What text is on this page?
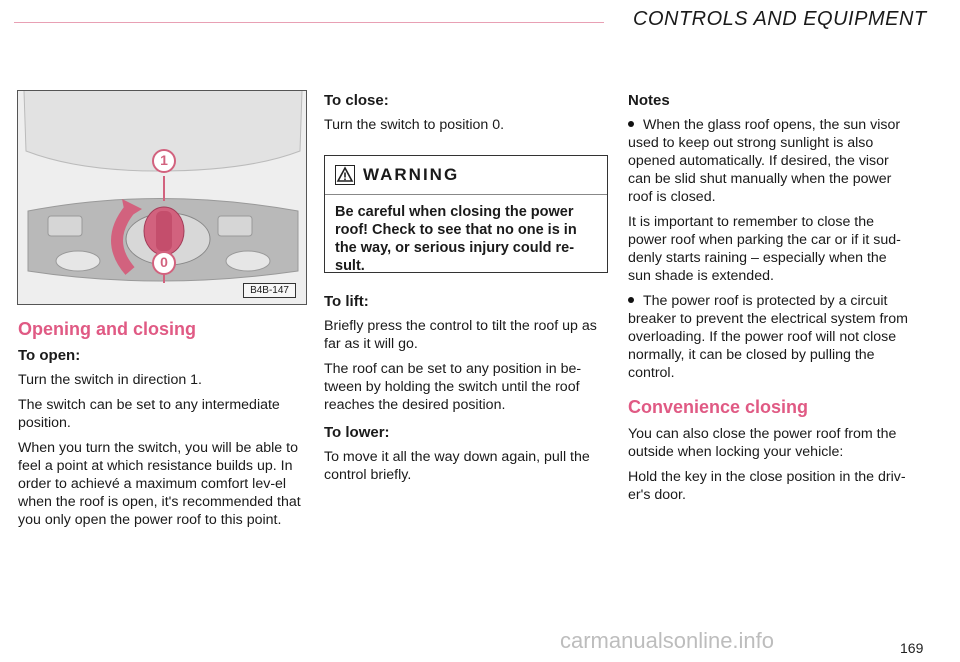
CONTROLS AND EQUIPMENT
1
0
B4B-147
Opening and closing
To open:

Turn the switch in direction 1.

The switch can be set to any intermediate position.

When you turn the switch, you will be able to feel a point at which resistance builds up. In order to achievé a maximum comfort lev-el when the roof is open, it's recommended that you only open the power roof to this point.

To close:

Turn the switch to position 0.

WARNING
Be careful when closing the power roof! Check to see that no one is in the way, or serious injury could re-sult.
To lift:

Briefly press the control to tilt the roof up as far as it will go.

The roof can be set to any position in be-tween by holding the switch until the roof reaches the desired position.

To lower:

To move it all the way down again, pull the control briefly.

Notes

When the glass roof opens, the sun visor used to keep out strong sunlight is also opened automatically. If desired, the visor can be slid shut manually when the power roof is closed.

It is important to remember to close the power roof when parking the car or if it sud-denly starts raining – especially when the sun shade is extended.

The power roof is protected by a circuit breaker to prevent the electrical system from overloading. If the power roof will not close normally, it can be closed by pulling the control.

Convenience closing

You can also close the power roof from the outside when locking your vehicle:

Hold the key in the close position in the driv-er's door.

carmanualsonline.info	169
